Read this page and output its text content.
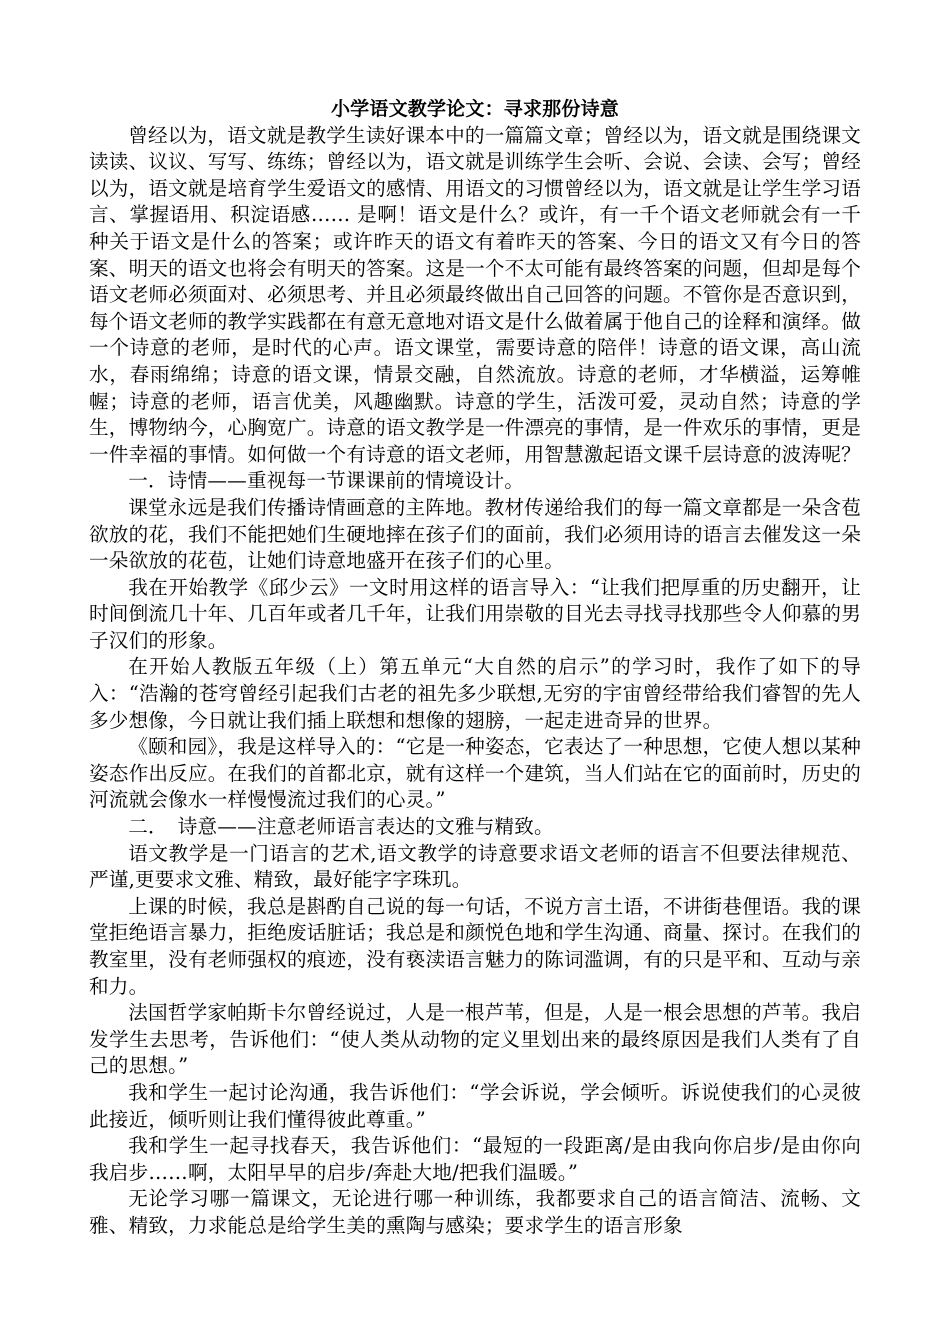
小学语文教学论文：寻求那份诗意

曾经以为，语文就是教学生读好课本中的一篇篇文章；曾经以为，语文就是围绕课文读读、议议、写写、练练；曾经以为，语文就是训练学生会听、会说、会读、会写；曾经以为，语文就是培育学生爱语文的感情、用语文的习惯曾经以为，语文就是让学生学习语言、掌握语用、积淀语感…… 是啊！语文是什么？或许，有一千个语文老师就会有一千种关于语文是什么的答案；或许昨天的语文有着昨天的答案、今日的语文又有今日的答案、明天的语文也将会有明天的答案。这是一个不太可能有最终答案的问题，但却是每个语文老师必须面对、必须思考、并且必须最终做出自己回答的问题。不管你是否意识到，每个语文老师的教学实践都在有意无意地对语文是什么做着属于他自己的诠释和演绎。做一个诗意的老师，是时代的心声。语文课堂，需要诗意的陪伴！诗意的语文课，高山流水，春雨绵绵；诗意的语文课，情景交融，自然流放。诗意的老师，才华横溢，运筹帷幄；诗意的老师，语言优美，风趣幽默。诗意的学生，活泼可爱，灵动自然；诗意的学生，博物纳今，心胸宽广。诗意的语文教学是一件漂亮的事情，是一件欢乐的事情，更是一件幸福的事情。如何做一个有诗意的语文老师，用智慧激起语文课千层诗意的波涛呢？

一．诗情——重视每一节课课前的情境设计。

课堂永远是我们传播诗情画意的主阵地。教材传递给我们的每一篇文章都是一朵含苞欲放的花，我们不能把她们生硬地摔在孩子们的面前，我们必须用诗的语言去催发这一朵一朵欲放的花苞，让她们诗意地盛开在孩子们的心里。

我在开始教学《邱少云》一文时用这样的语言导入：“让我们把厚重的历史翻开，让时间倒流几十年、几百年或者几千年，让我们用崇敬的目光去寻找寻找那些令人仰慕的男子汉们的形象。

在开始人教版五年级（上）第五单元“大自然的启示”的学习时，我作了如下的导入：“浩瀚的苍穹曾经引起我们古老的祖先多少联想,无穷的宇宙曾经带给我们睿智的先人多少想像，今日就让我们插上联想和想像的翅膀，一起走进奇异的世界。

《颐和园》，我是这样导入的：“它是一种姿态，它表达了一种思想，它使人想以某种姿态作出反应。在我们的首都北京，就有这样一个建筑，当人们站在它的面前时，历史的河流就会像水一样慢慢流过我们的心灵。”

二．　诗意——注意老师语言表达的文雅与精致。

语文教学是一门语言的艺术,语文教学的诗意要求语文老师的语言不但要法律规范、严谨,更要求文雅、精致，最好能字字珠玑。

上课的时候，我总是斟酌自己说的每一句话，不说方言土语，不讲街巷俚语。我的课堂拒绝语言暴力，拒绝废话脏话；我总是和颜悦色地和学生沟通、商量、探讨。在我们的教室里，没有老师强权的痕迹，没有亵渎语言魅力的陈词滥调，有的只是平和、互动与亲和力。

法国哲学家帕斯卡尔曾经说过，人是一根芦苇，但是，人是一根会思想的芦苇。我启发学生去思考，告诉他们：“使人类从动物的定义里划出来的最终原因是我们人类有了自己的思想。”

我和学生一起讨论沟通，我告诉他们：“学会诉说，学会倾听。诉说使我们的心灵彼此接近，倾听则让我们懂得彼此尊重。”

我和学生一起寻找春天，我告诉他们：“最短的一段距离/是由我向你启步/是由你向我启步……啊，太阳早早的启步/奔赴大地/把我们温暖。”

无论学习哪一篇课文，无论进行哪一种训练，我都要求自己的语言简洁、流畅、文雅、精致，力求能总是给学生美的熏陶与感染；要求学生的语言形象
